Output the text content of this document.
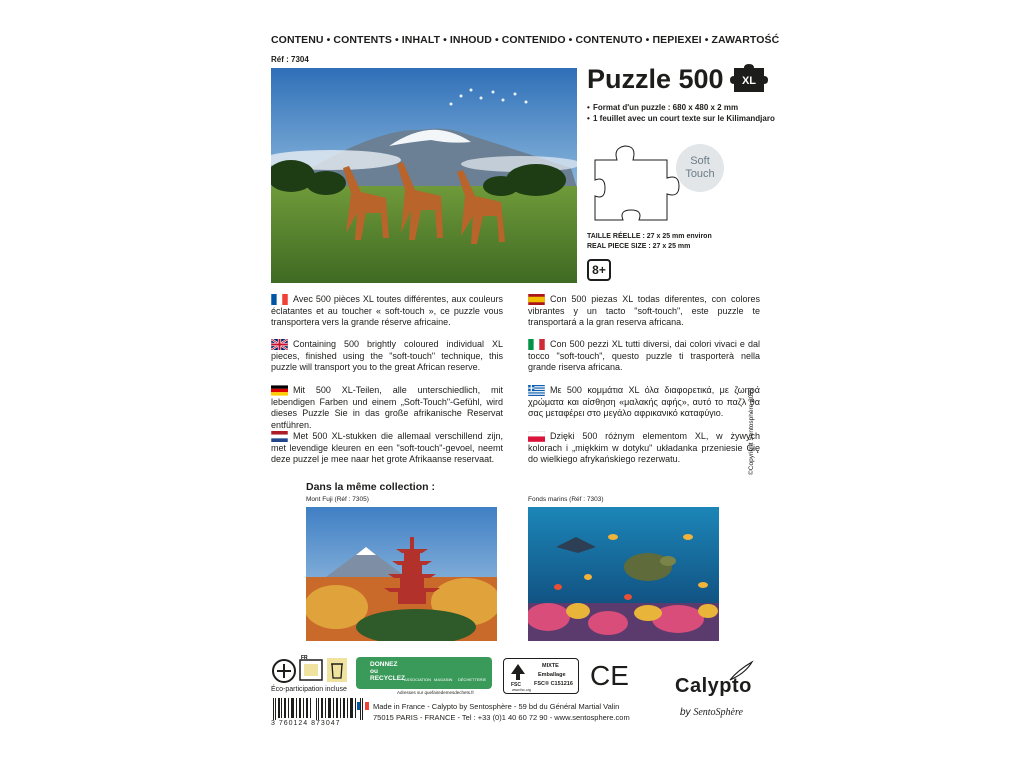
CONTENU • CONTENTS • INHALT • INHOUD • CONTENIDO • CONTENUTO • ΠΕΡΙΕΧΕΙ • ZAWARTOŚĆ
Réf : 7304
Puzzle 500 XL
• Format d'un puzzle : 680 x 480 x 2 mm
• 1 feuillet avec un court texte sur le Kilimandjaro
Soft
Touch
TAILLE RÉELLE : 27 x 25 mm environ
REAL PIECE SIZE : 27 x 25 mm
8+
Avec 500 pièces XL toutes différentes, aux couleurs éclatantes et au toucher « soft-touch », ce puzzle vous transportera vers la grande réserve africaine.
Containing 500 brightly coloured individual XL pieces, finished using the "soft-touch" technique, this puzzle will transport you to the great African reserve.
Mit 500 XL-Teilen, alle unterschiedlich, mit lebendigen Farben und einem „Soft-Touch"-Gefühl, wird dieses Puzzle Sie in das große afrikanische Reservat entführen.
Met 500 XL-stukken die allemaal verschillend zijn, met levendige kleuren en een "soft-touch"-gevoel, neemt deze puzzel je mee naar het grote Afrikaanse reservaat.
Con 500 piezas XL todas diferentes, con colores vibrantes y un tacto "soft-touch", este puzzle te transportará a la gran reserva africana.
Con 500 pezzi XL tutti diversi, dai colori vivaci e dal tocco "soft-touch", questo puzzle ti trasporterà nella grande riserva africana.
Με 500 κομμάτια XL όλα διαφορετικά, με ζωηρά χρώματα και αίσθηση «μαλακής αφής», αυτό το παζλ θα σας μεταφέρει στο μεγάλο αφρικανικό καταφύγιο.
Dzięki 500 różnym elementom XL, w żywych kolorach i „miękkim w dotyku" układanka przeniesie Cię do wielkiego afrykańskiego rezerwatu.	©Copyright Sentosphère 2022
Dans la même collection :
Mont Fuji (Réf : 7305)	Fonds marins (Réf : 7303)
FR
Éco-participation incluse
DONNEZ ou RECYCLEZ
ASSOCIATION MAGASIN DÉCHETTERIE
Adresses sur quefairedemesdechets.fr
FSC
www.fsc.org
MIXTE
Emballage
FSC® C151216 CE Calypto
by SentoSphère
Made in France - Calypto by Sentosphère - 59 bd du Général Martial Valin
75015 PARIS - FRANCE - Tel : +33 (0)1 40 60 72 90 - www.sentosphere.com
3 760124 873047
